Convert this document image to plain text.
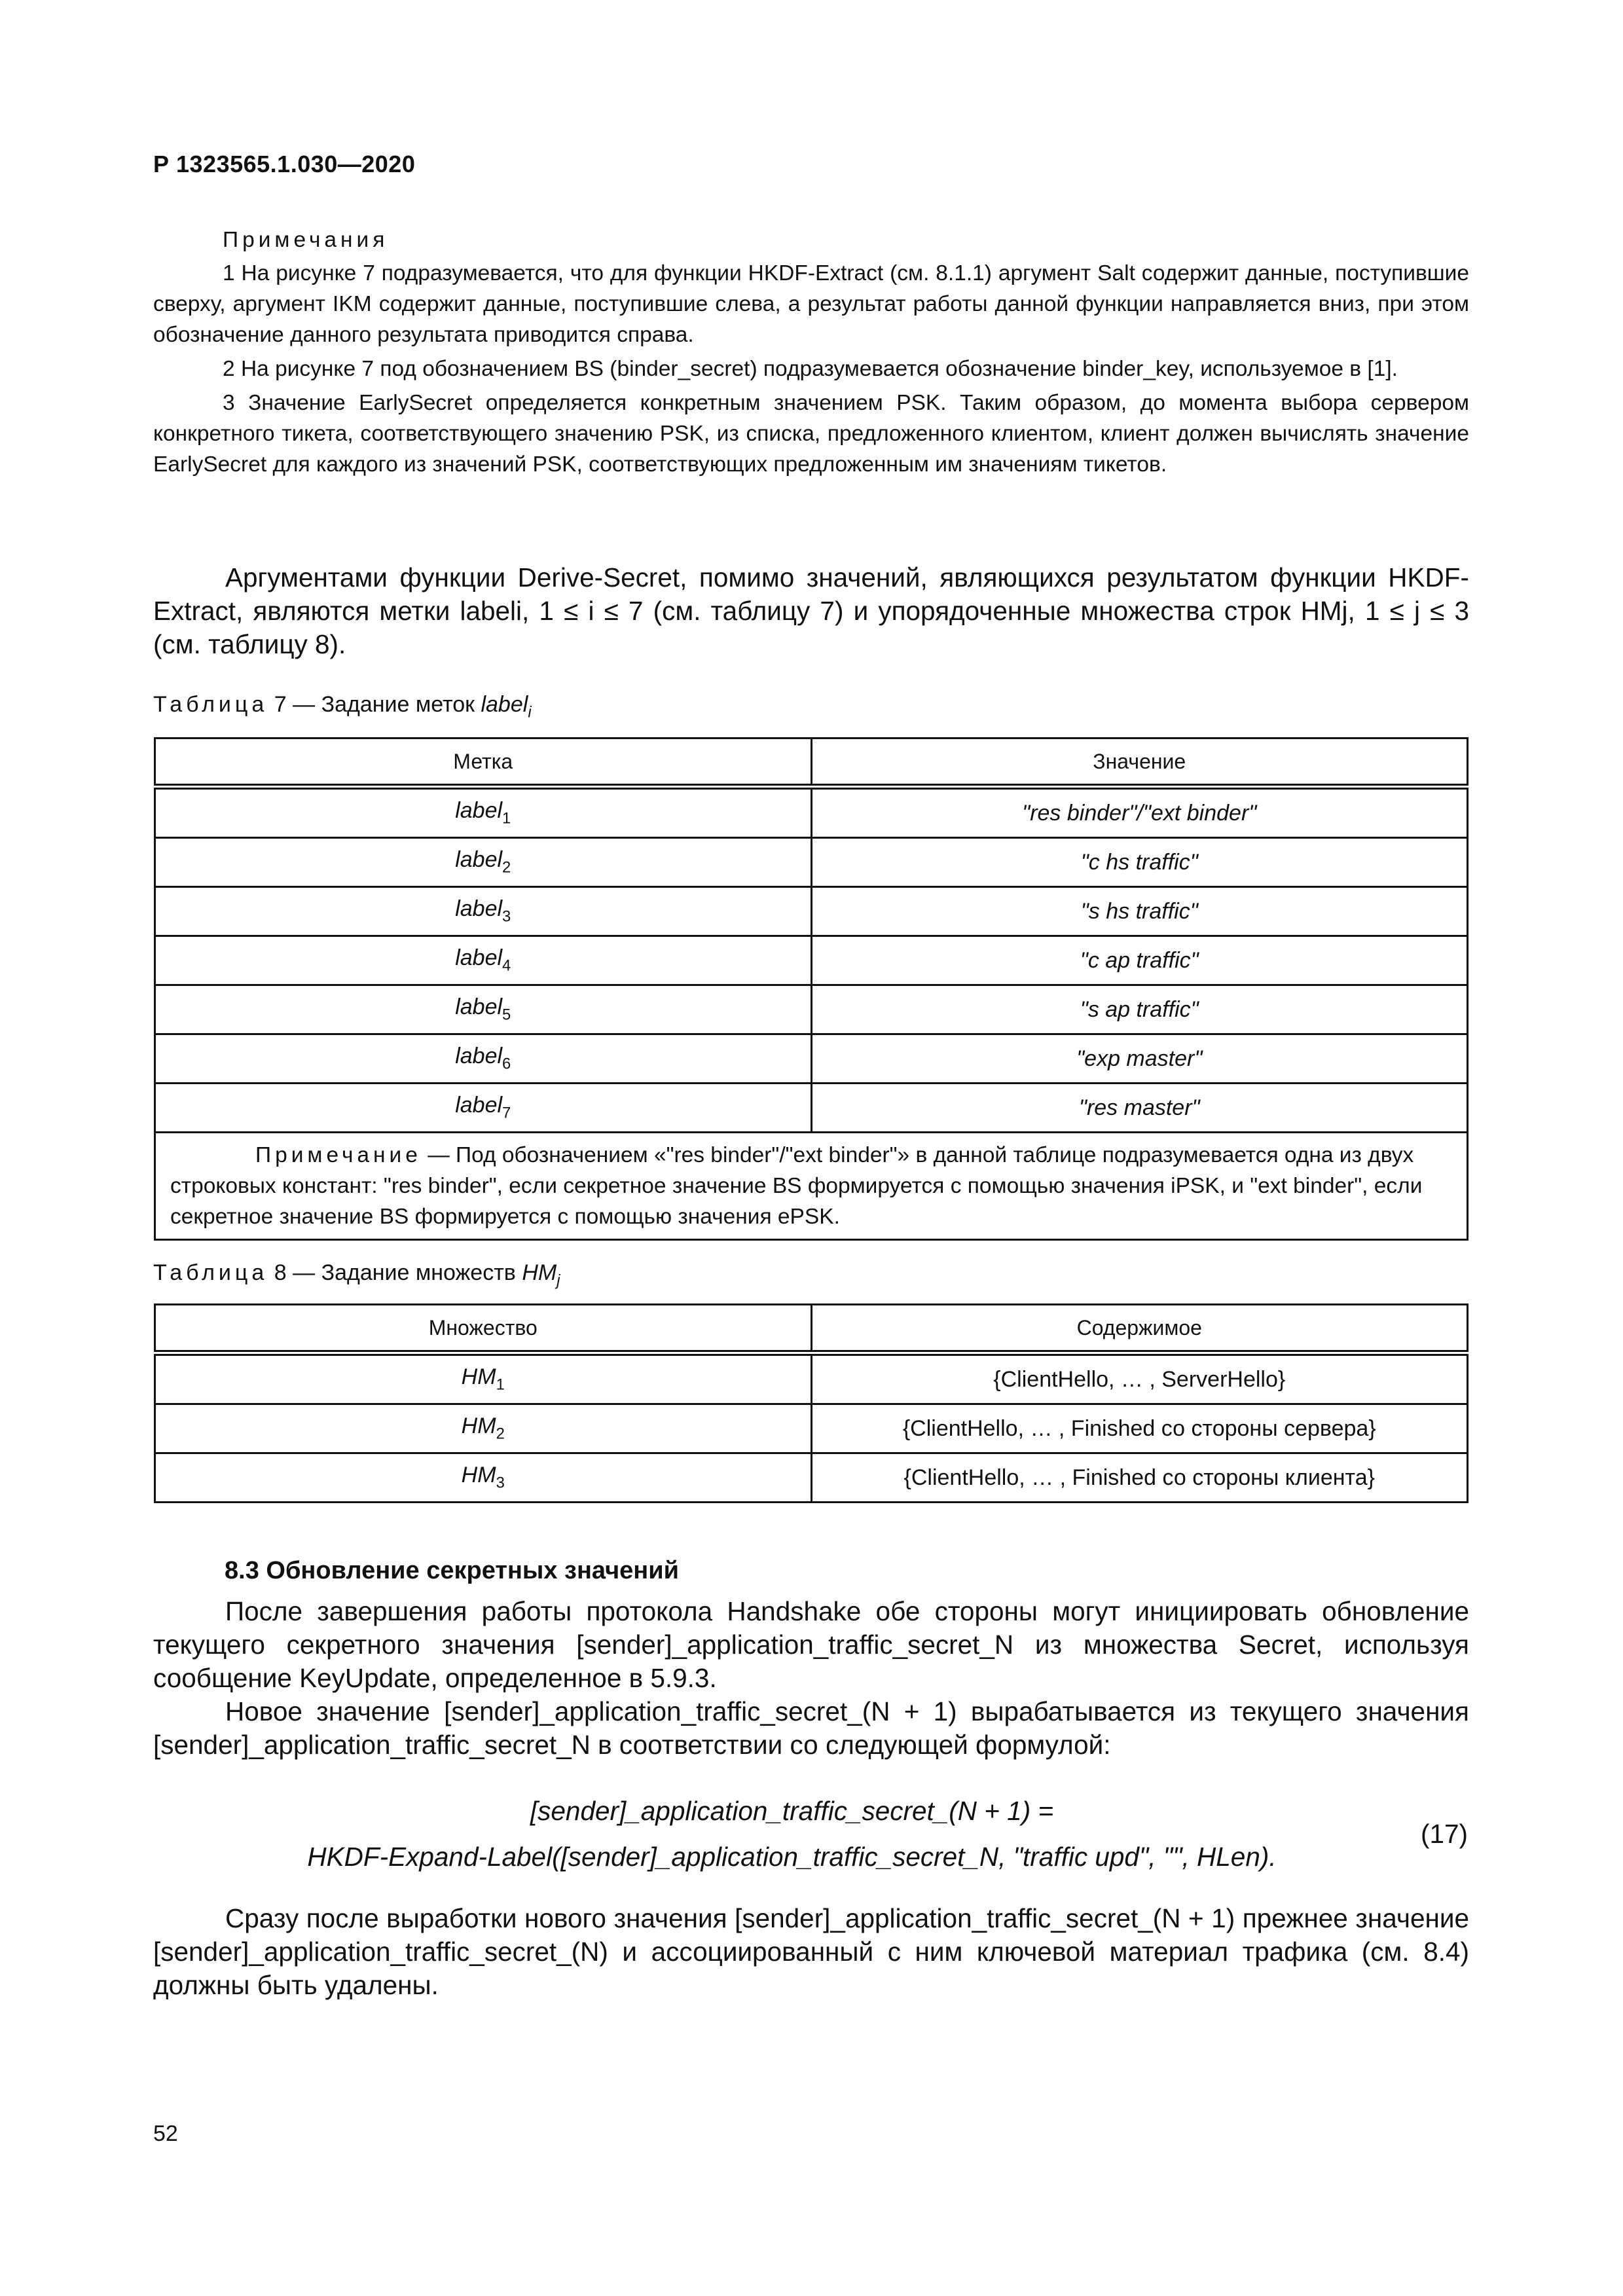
Р 1323565.1.030—2020

Примечания

1 На рисунке 7 подразумевается, что для функции HKDF-Extract (см. 8.1.1) аргумент Salt содержит данные, поступившие сверху, аргумент IKM содержит данные, поступившие слева, а результат работы данной функции направляется вниз, при этом обозначение данного результата приводится справа.

2 На рисунке 7 под обозначением BS (binder_secret) подразумевается обозначение binder_key, используемое в [1].

3 Значение EarlySecret определяется конкретным значением PSK. Таким образом, до момента выбора сервером конкретного тикета, соответствующего значению PSK, из списка, предложенного клиентом, клиент должен вычислять значение EarlySecret для каждого из значений PSK, соответствующих предложенным им значениям тикетов.

Аргументами функции Derive-Secret, помимо значений, являющихся результатом функции HKDF-Extract, являются метки labeli, 1 ≤ i ≤ 7 (см. таблицу 7) и упорядоченные множества строк HMj, 1 ≤ j ≤ 3 (см. таблицу 8).

Таблица 7 — Задание меток label$_i$
Метка	Значение
label$_1$	"res binder"/"ext binder"
label$_2$	"c hs traffic"
label$_3$	"s hs traffic"
label$_4$	"c ap traffic"
label$_5$	"s ap traffic"
label$_6$	"exp master"
label$_7$	"res master"
Примечание — Под обозначением «"res binder"/"ext binder"» в данной таблице подразумевается одна из двух строковых констант: "res binder", если секретное значение BS формируется с помощью значения iPSK, и "ext binder", если секретное значение BS формируется с помощью значения ePSK.	
Таблица 8 — Задание множеств $HM_j$
Множество	Содержимое
$HM_1$	{ClientHello, … , ServerHello}
$HM_2$	{ClientHello, … , Finished со стороны сервера}
$HM_3$	{ClientHello, … , Finished со стороны клиента}
8.3 Обновление секретных значений

После завершения работы протокола Handshake обе стороны могут инициировать обновление текущего секретного значения [sender]_application_traffic_secret_N из множества Secret, используя сообщение KeyUpdate, определенное в 5.9.3.

Новое значение [sender]_application_traffic_secret_(N + 1) вырабатывается из текущего значения [sender]_application_traffic_secret_N в соответствии со следующей формулой:

[sender]_application_traffic_secret_(N + 1) =
HKDF-Expand-Label([sender]_application_traffic_secret_N, "traffic upd", "", HLen).
(17)

Сразу после выработки нового значения [sender]_application_traffic_secret_(N + 1) прежнее значение [sender]_application_traffic_secret_(N) и ассоциированный с ним ключевой материал трафика (см. 8.4) должны быть удалены.

52
